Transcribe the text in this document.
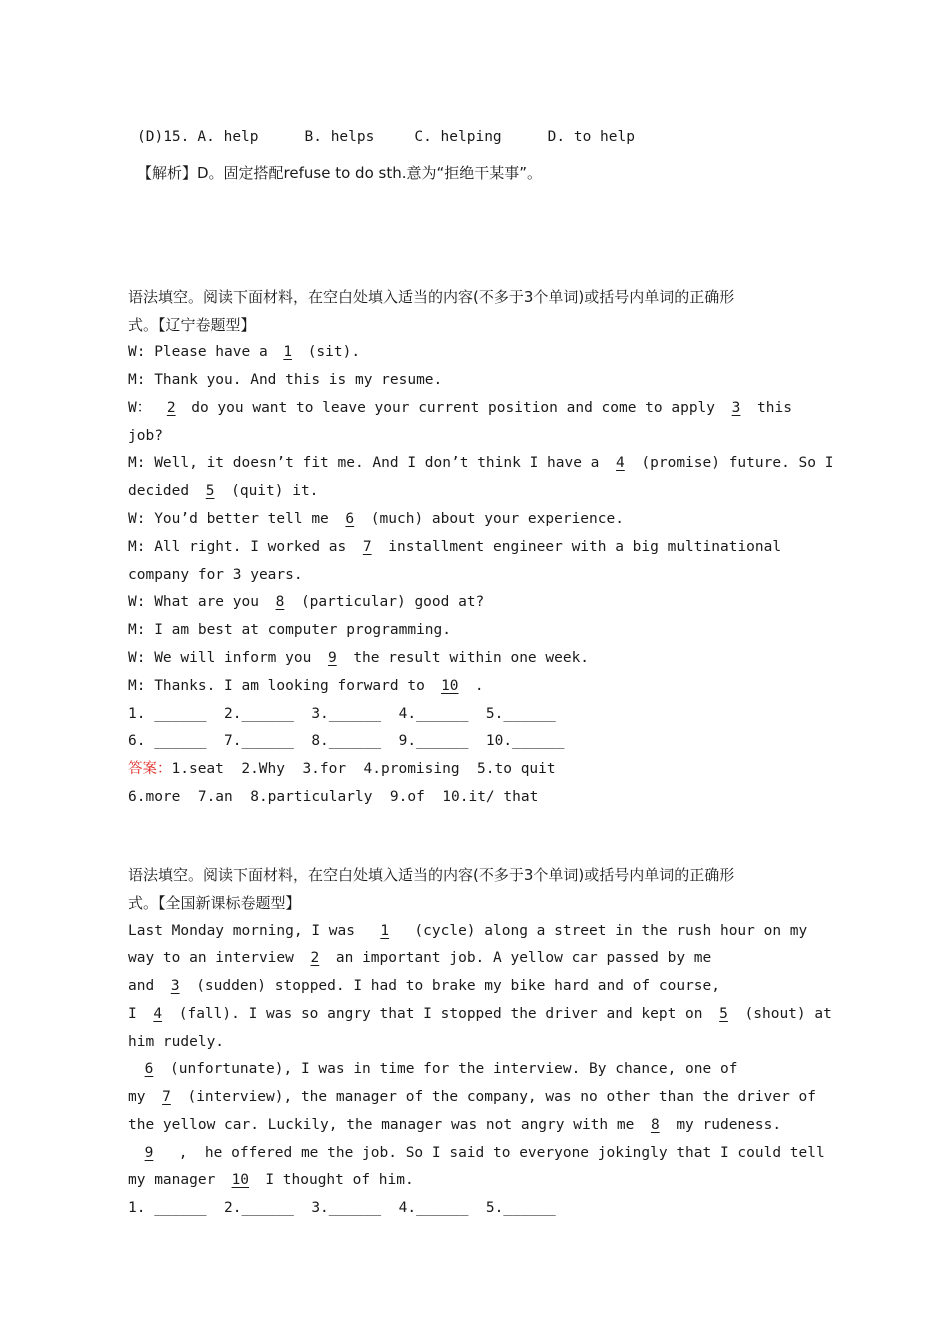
(D)15. A. help	B. helps	C. helping	D. to help
【解析】D。固定搭配refuse to do sth.意为“拒绝干某事”。
语法填空。阅读下面材料，在空白处填入适当的内容(不多于3个单词)或括号内单词的正确形
式。【辽宁卷题型】
W: Please have a 1 (sit).
M: Thank you. And this is my resume.
W： 2 do you want to leave your current position and come to apply 3 this
job?
M: Well, it doesn’t fit me. And I don’t think I have a 4 (promise) future. So I
decided 5 (quit) it.
W: You’d better tell me 6 (much) about your experience.
M: All right. I worked as 7 installment engineer with a big multinational
company for 3 years.
W: What are you 8 (particular) good at?
M: I am best at computer programming.
W: We will inform you 9 the result within one week.
M: Thanks. I am looking forward to 10 .
1. ______  2.______  3.______  4.______  5.______
6. ______  7.______  8.______  9.______  10.______
答案：1.seat  2.Why  3.for  4.promising  5.to quit
6.more  7.an  8.particularly  9.of  10.it/ that
语法填空。阅读下面材料，在空白处填入适当的内容(不多于3个单词)或括号内单词的正确形
式。【全国新课标卷题型】
Last Monday morning, I was 1 (cycle) along a street in the rush hour on my
way to an interview 2 an important job. A yellow car passed by me
and 3 (sudden) stopped. I had to brake my bike hard and of course,
I 4 (fall). I was so angry that I stopped the driver and kept on 5 (shout) at
him rudely.
6 (unfortunate), I was in time for the interview. By chance, one of
my 7 (interview), the manager of the company, was no other than the driver of
the yellow car. Luckily, the manager was not angry with me 8 my rudeness.
9 ,  he offered me the job. So I said to everyone jokingly that I could tell
my manager 10 I thought of him.
1. ______  2.______  3.______  4.______  5.______
